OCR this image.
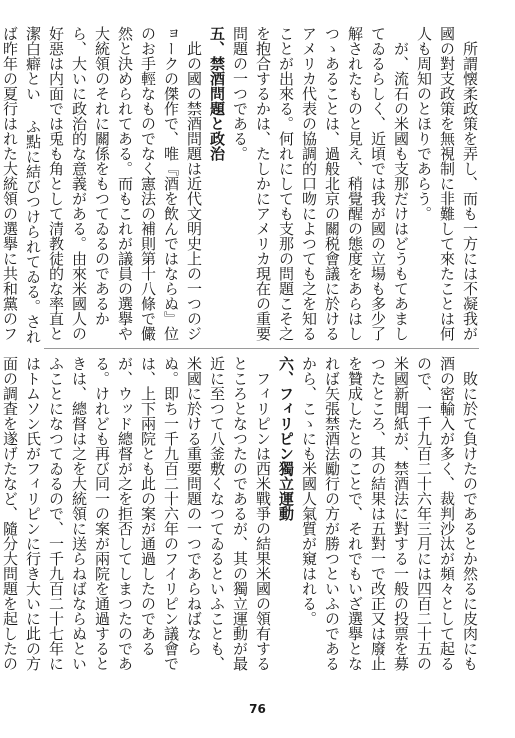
所謂懐柔政策を弄し、而も一方には不凝我が國の對支政策を無視制に非難して來たことは何人も周知のとほりであらう。

が、流石の米國も支那だけはどうもてあましてゐるらしく、近頃では我が國の立場も多少了解されたものと見え、稍覺醒の態度をあらはしつゝあることは、過般北京の關税會議に於けるアメリカ代表の協調的口吻によつても之を知ることが出來る。何れにしても支那の問題こそ之を抱合するかは、たしかにアメリカ現在の重要問題の一つである。

五、禁酒問題と政治

此の國の禁酒問題は近代文明史上の一つのジョークの傑作で、唯『酒を飲んではならぬ』位のお手輕なものでなく憲法の補則第十八條で儼然と決められてある。而もこれが議員の選擧や大統領のそれに關係をもつてゐるのであるから、大いに政治的な意義がある。由來米國人の好惡は内面では兎も角として清教徒的な率直と潔白癖とい ふ點に結びつけられてゐる。されば昨年の夏行はれた大統領の選擧に共和黨のフ

敗に於て負けたのであるとか然るに皮肉にも酒の密輸入が多く、裁判沙汰が頻々として起るので、一千九百二十六年三月には四百二十五の米國新聞紙が、禁酒法に對する一般の投票を募つたところ、其の結果は五對一で改正又は廢止を贊成したとのことで、それでもいざ選擧となれば矢張禁酒法勵行の方が勝つといふのであるから、こゝにも米國人氣質が窺はれる。

六、フィリピン獨立運動

フィリピンは西米戰爭の結果米國の領有するところとなつたのであるが、其の獨立運動が最近に至つて八釜敷くなつてゐるといふことも、米國に於ける重要問題の一つであらねばならぬ。即ち一千九百二十六年のフイリピン議會では、上下兩院とも此の案が通過したのであるが、ウッド總督が之を拒否してしまつたのである。けれども再び同一の案が兩院を通過するときは、總督は之を大統領に送らねばならぬといふことになつてゐるので、一千九百二十七年にはトムソン氏がフィリピンに行き大いに此の方面の調査を遂げたなど、隨分大問題を起したの

76
